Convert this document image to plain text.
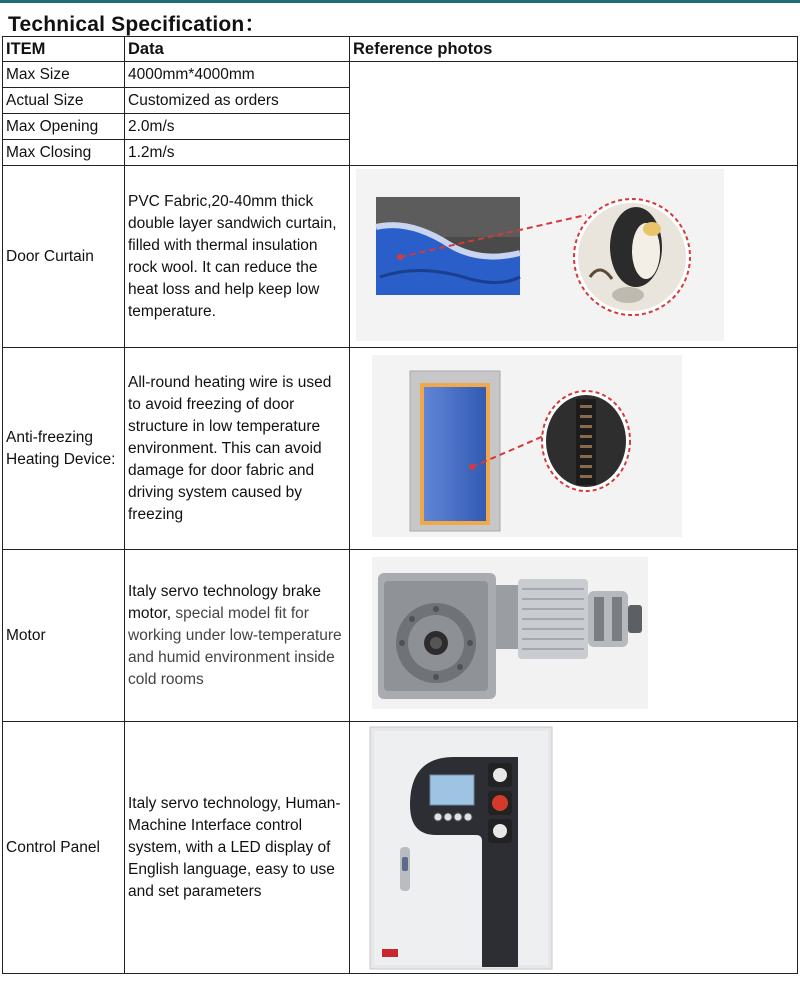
Technical Specification：
ITEM	Data	Reference photos
Max Size	4000mm*4000mm	
Actual Size	Customized as orders	
Max Opening	2.0m/s	
Max Closing	1.2m/s	
Door Curtain	PVC Fabric,20-40mm thick double layer sandwich curtain, filled with thermal insulation rock wool. It can reduce the heat loss and help keep low temperature.	

Anti-freezing Heating Device:	All-round heating wire is used to avoid freezing of door structure in low temperature environment. This can avoid damage for door fabric and driving system caused by freezing	

Motor	Italy servo technology brake motor, special model fit for working under low-temperature and humid environment inside cold rooms	

Control Panel	Italy servo technology, Human-Machine Interface control system, with a LED display of English language, easy to use and set parameters	
